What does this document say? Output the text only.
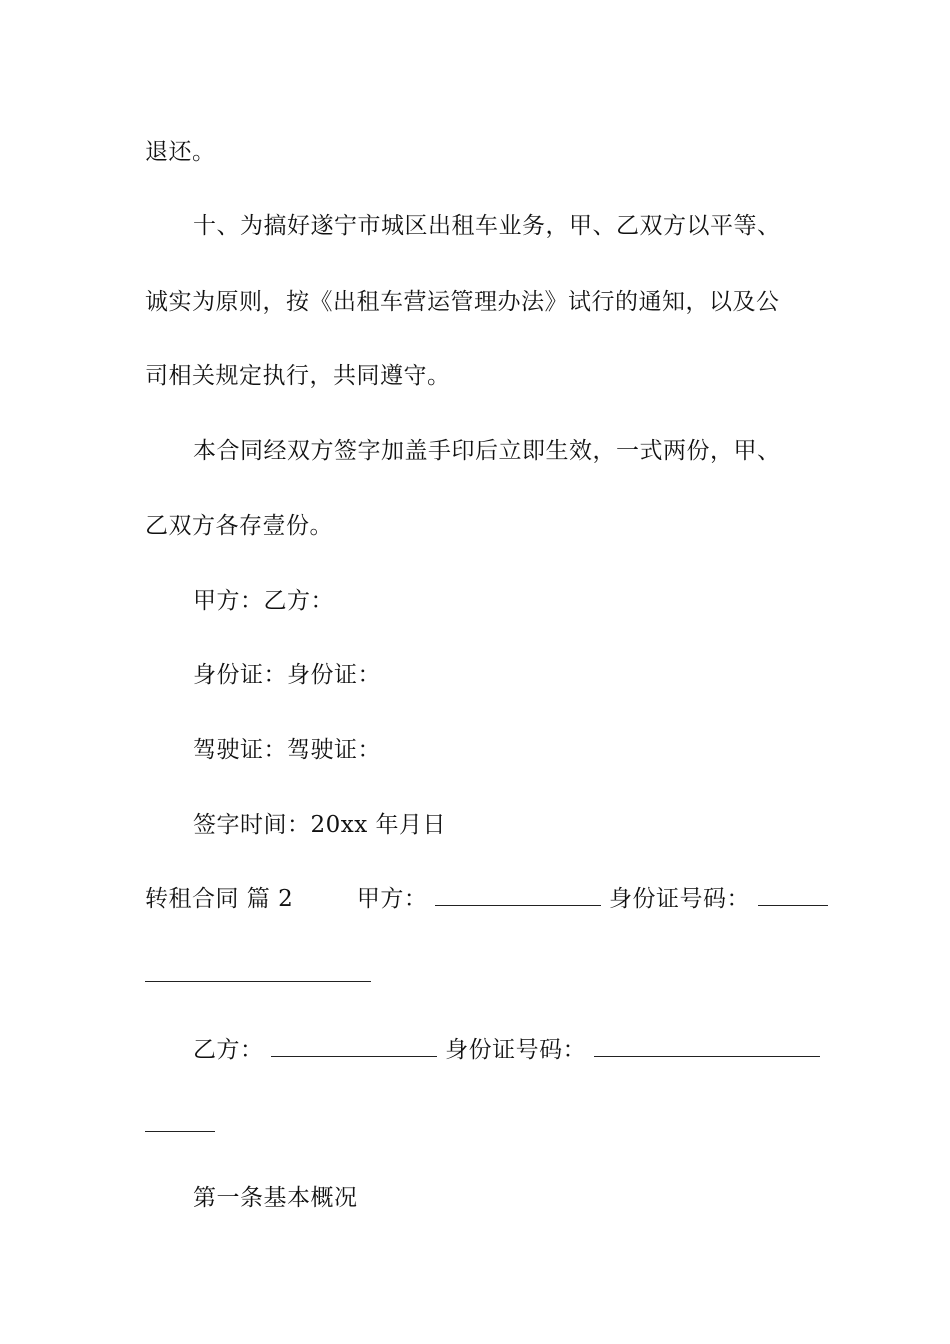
退还。
十、为搞好遂宁市城区出租车业务，甲、乙双方以平等、
诚实为原则，按《出租车营运管理办法》试行的通知，以及公
司相关规定执行，共同遵守。
本合同经双方签字加盖手印后立即生效，一式两份，甲、
乙双方各存壹份。
甲方：乙方：
身份证：身份证：
驾驶证：驾驶证：
签字时间：20xx 年月日
转租合同 篇 2	甲方：	身份证号码：
乙方：	身份证号码：
第一条基本概况
